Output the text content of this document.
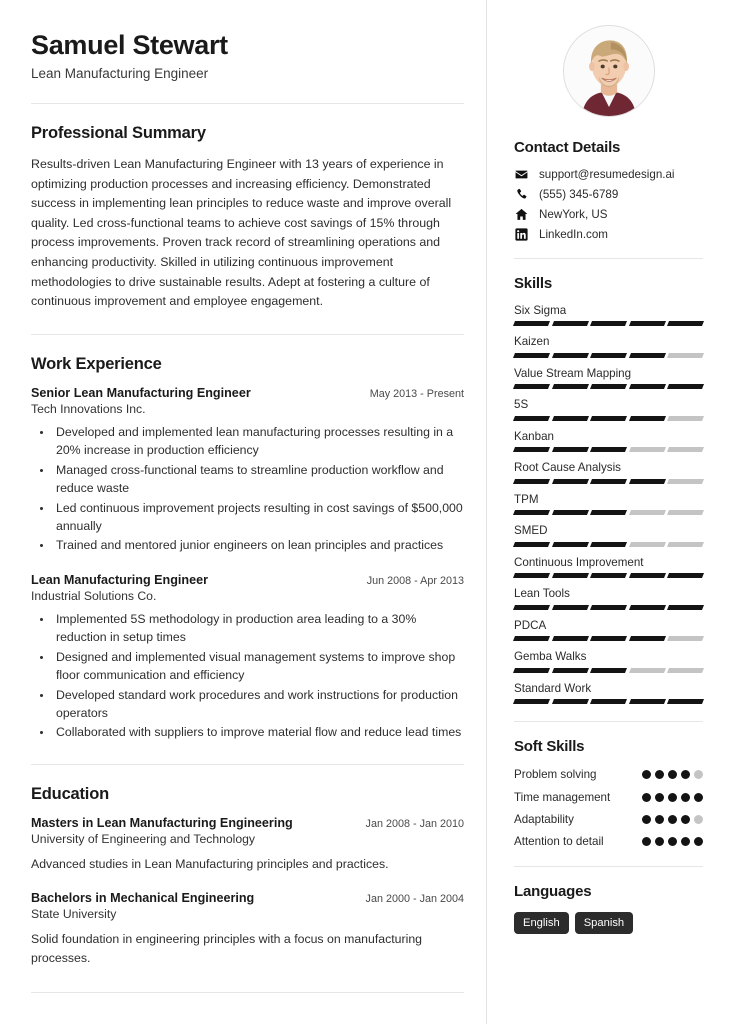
Samuel Stewart
Lean Manufacturing Engineer
Professional Summary
Results-driven Lean Manufacturing Engineer with 13 years of experience in optimizing production processes and increasing efficiency. Demonstrated success in implementing lean principles to reduce waste and improve overall quality. Led cross-functional teams to achieve cost savings of 15% through process improvements. Proven track record of streamlining operations and enhancing productivity. Skilled in utilizing continuous improvement methodologies to drive sustainable results. Adept at fostering a culture of continuous improvement and employee engagement.
Work Experience
Senior Lean Manufacturing Engineer	May 2013 - Present
Tech Innovations Inc.
• Developed and implemented lean manufacturing processes resulting in a 20% increase in production efficiency
• Managed cross-functional teams to streamline production workflow and reduce waste
• Led continuous improvement projects resulting in cost savings of $500,000 annually
• Trained and mentored junior engineers on lean principles and practices
Lean Manufacturing Engineer	Jun 2008 - Apr 2013
Industrial Solutions Co.
• Implemented 5S methodology in production area leading to a 30% reduction in setup times
• Designed and implemented visual management systems to improve shop floor communication and efficiency
• Developed standard work procedures and work instructions for production operators
• Collaborated with suppliers to improve material flow and reduce lead times
Education
Masters in Lean Manufacturing Engineering	Jan 2008 - Jan 2010
University of Engineering and Technology
Advanced studies in Lean Manufacturing principles and practices.
Bachelors in Mechanical Engineering	Jan 2000 - Jan 2004
State University
Solid foundation in engineering principles with a focus on manufacturing processes.
Contact Details
support@resumedesign.ai
(555) 345-6789
NewYork, US
LinkedIn.com
Skills
Six Sigma
Kaizen
Value Stream Mapping
5S
Kanban
Root Cause Analysis
TPM
SMED
Continuous Improvement
Lean Tools
PDCA
Gemba Walks
Standard Work
Soft Skills
Problem solving
Time management
Adaptability
Attention to detail
Languages
English	Spanish
